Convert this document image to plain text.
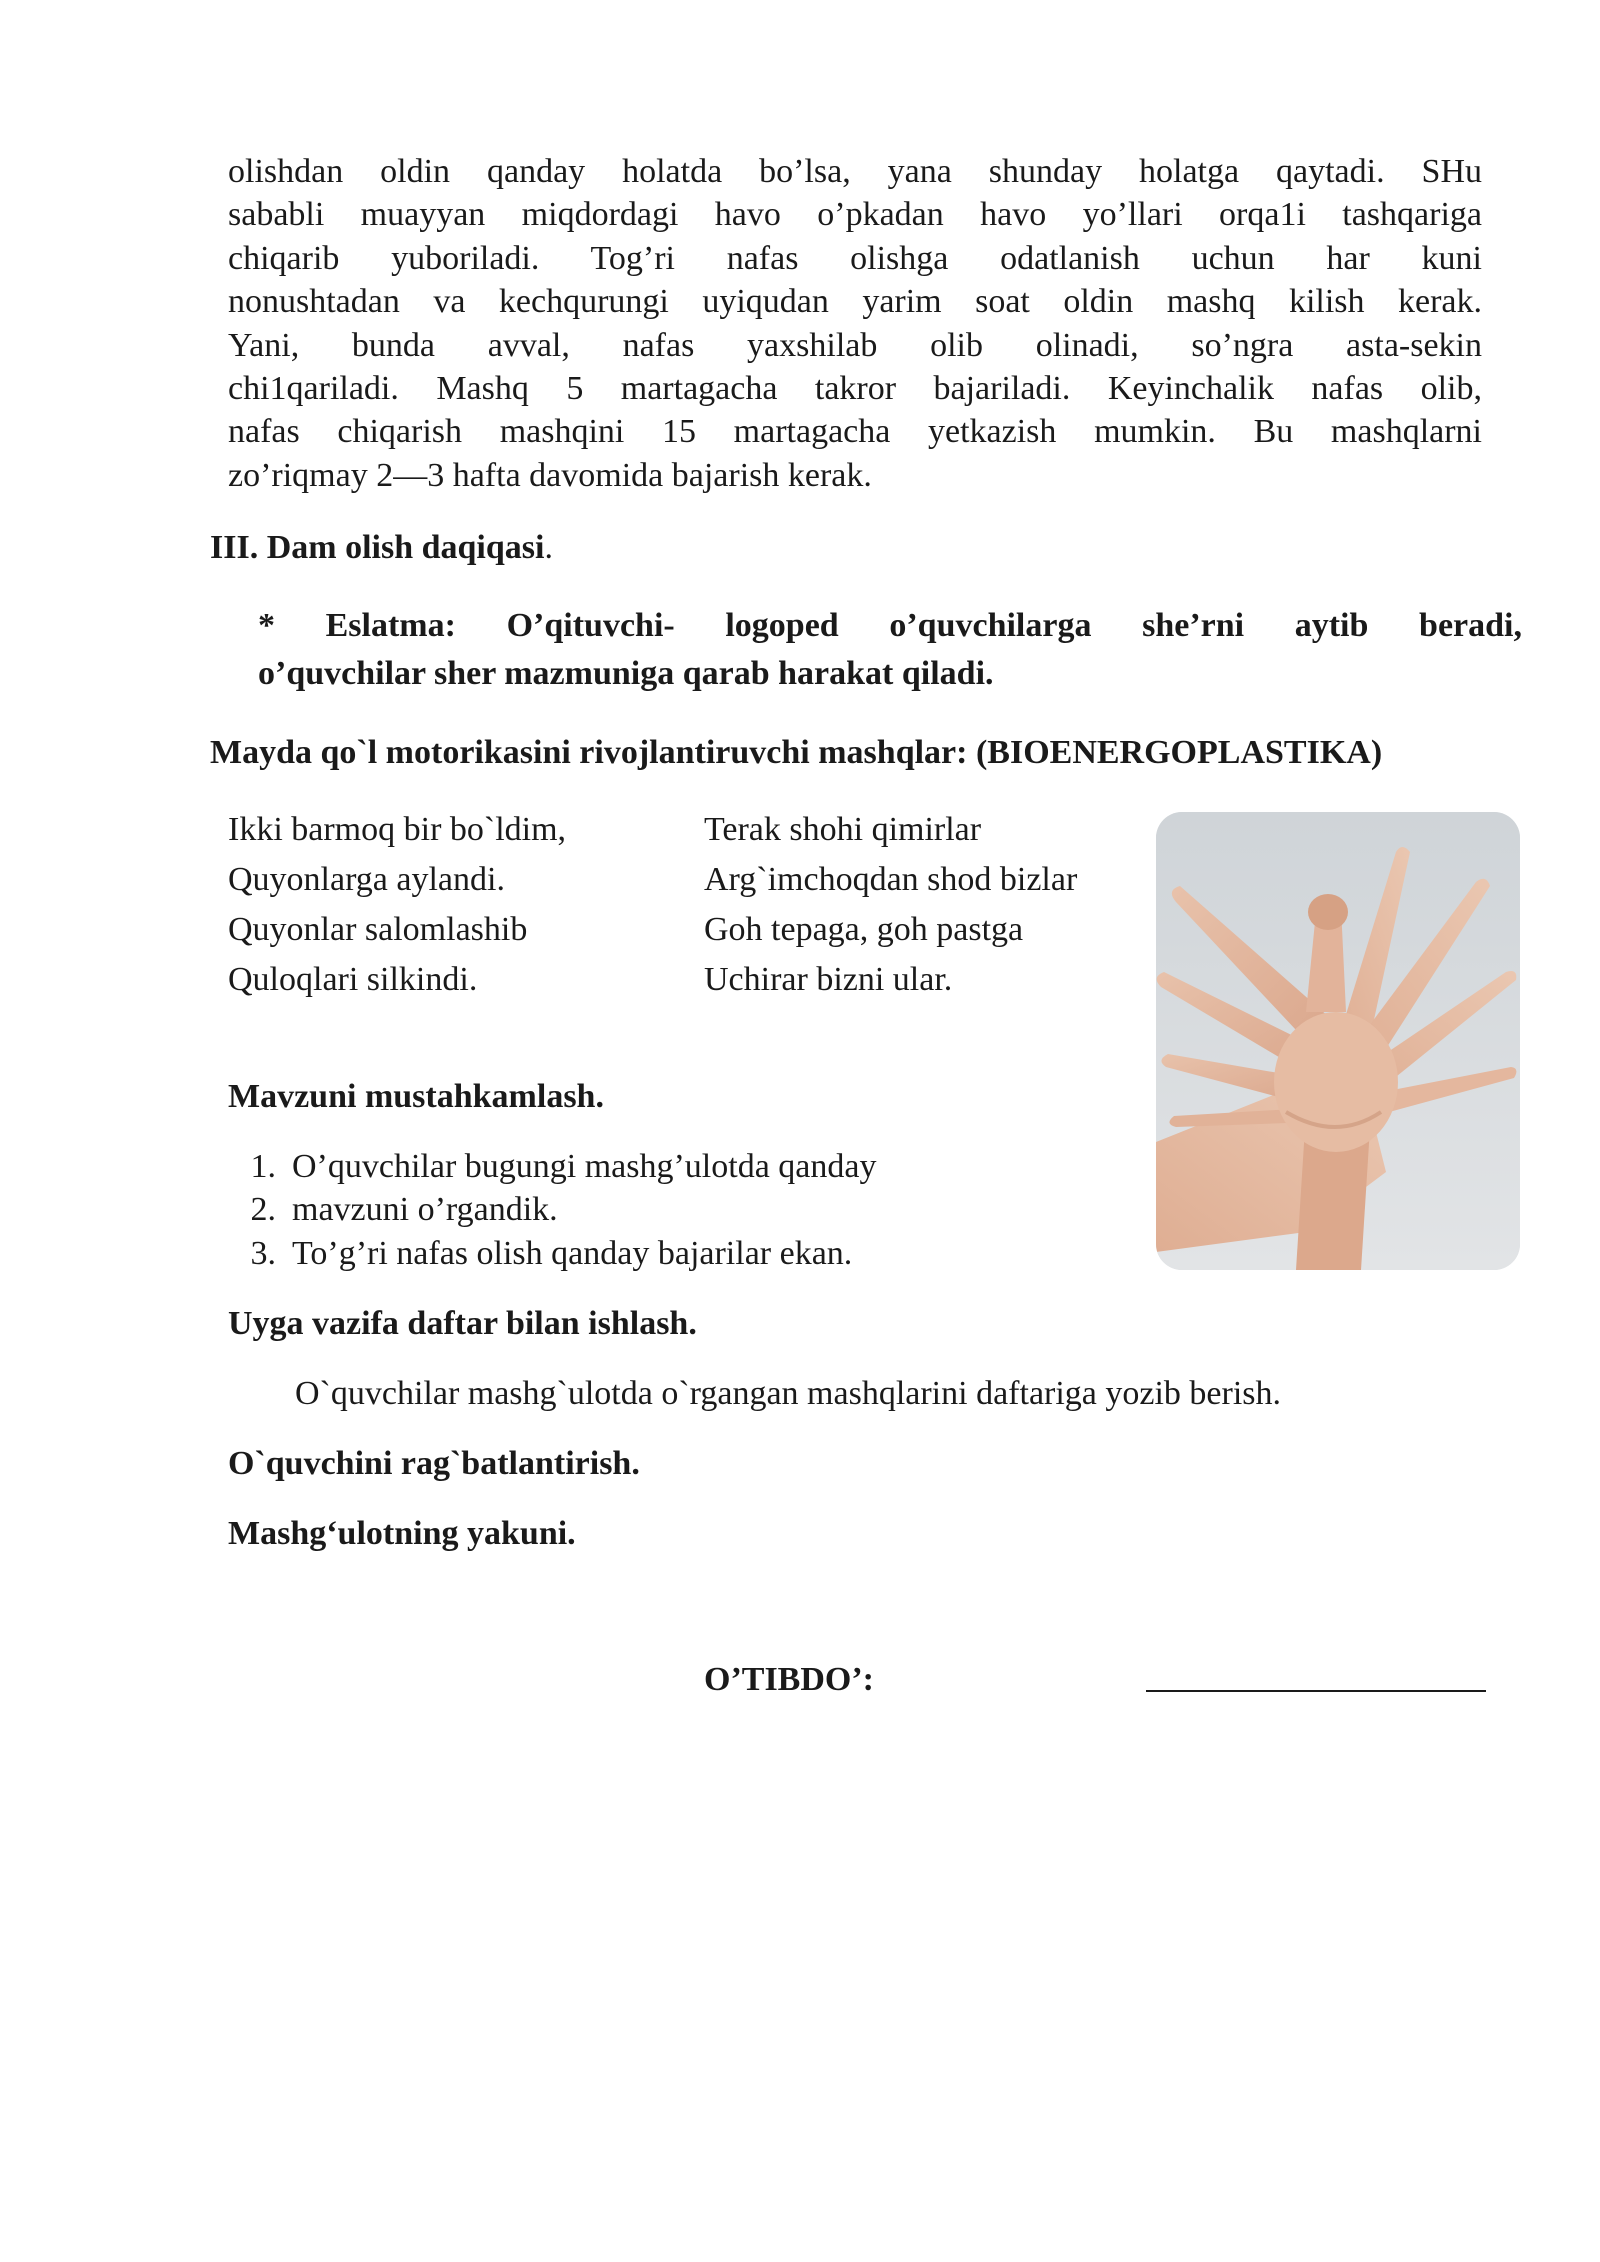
olishdan oldin qanday holatda bo’lsa, yana shunday holatga qaytadi. SHu
sababli muayyan miqdordagi havo o’pkadan havo yo’llari orqa1i tashqariga
chiqarib yuboriladi. Tog’ri nafas olishga odatlanish uchun har kuni
nonushtadan va kechqurungi uyiqudan yarim soat oldin mashq kilish kerak.
Yani, bunda avval, nafas yaxshilab olib olinadi, so’ngra asta-sekin
chi1qariladi. Mashq 5 martagacha takror bajariladi. Keyinchalik nafas olib,
nafas chiqarish mashqini 15 martagacha yetkazish mumkin. Bu mashqlarni
zo’riqmay 2—3 hafta davomida bajarish kerak.
III. Dam olish daqiqasi.
* Eslatma: O’qituvchi- logoped o’quvchilarga she’rni aytib beradi,
o’quvchilar sher mazmuniga qarab harakat qiladi.
Mayda qo`l motorikasini rivojlantiruvchi mashqlar: (BIOENERGOPLASTIKA)
Ikki barmoq bir bo`ldim,
Quyonlarga aylandi.
Quyonlar salomlashib
Quloqlari silkindi.
Terak shohi qimirlar
Arg`imchoqdan shod bizlar
Goh tepaga, goh pastga
Uchirar bizni ular.
Mavzuni mustahkamlash.
1. O’quvchilar bugungi mashg’ulotda qanday
2. mavzuni o’rgandik.
3. To’g’ri nafas olish qanday bajarilar ekan.
Uyga vazifa daftar bilan ishlash.
O`quvchilar mashg`ulotda o`rgangan mashqlarini daftariga yozib berish.
O`quvchini rag`batlantirish.
Mashg‘ulotning yakuni.
O’TIBDO’:
